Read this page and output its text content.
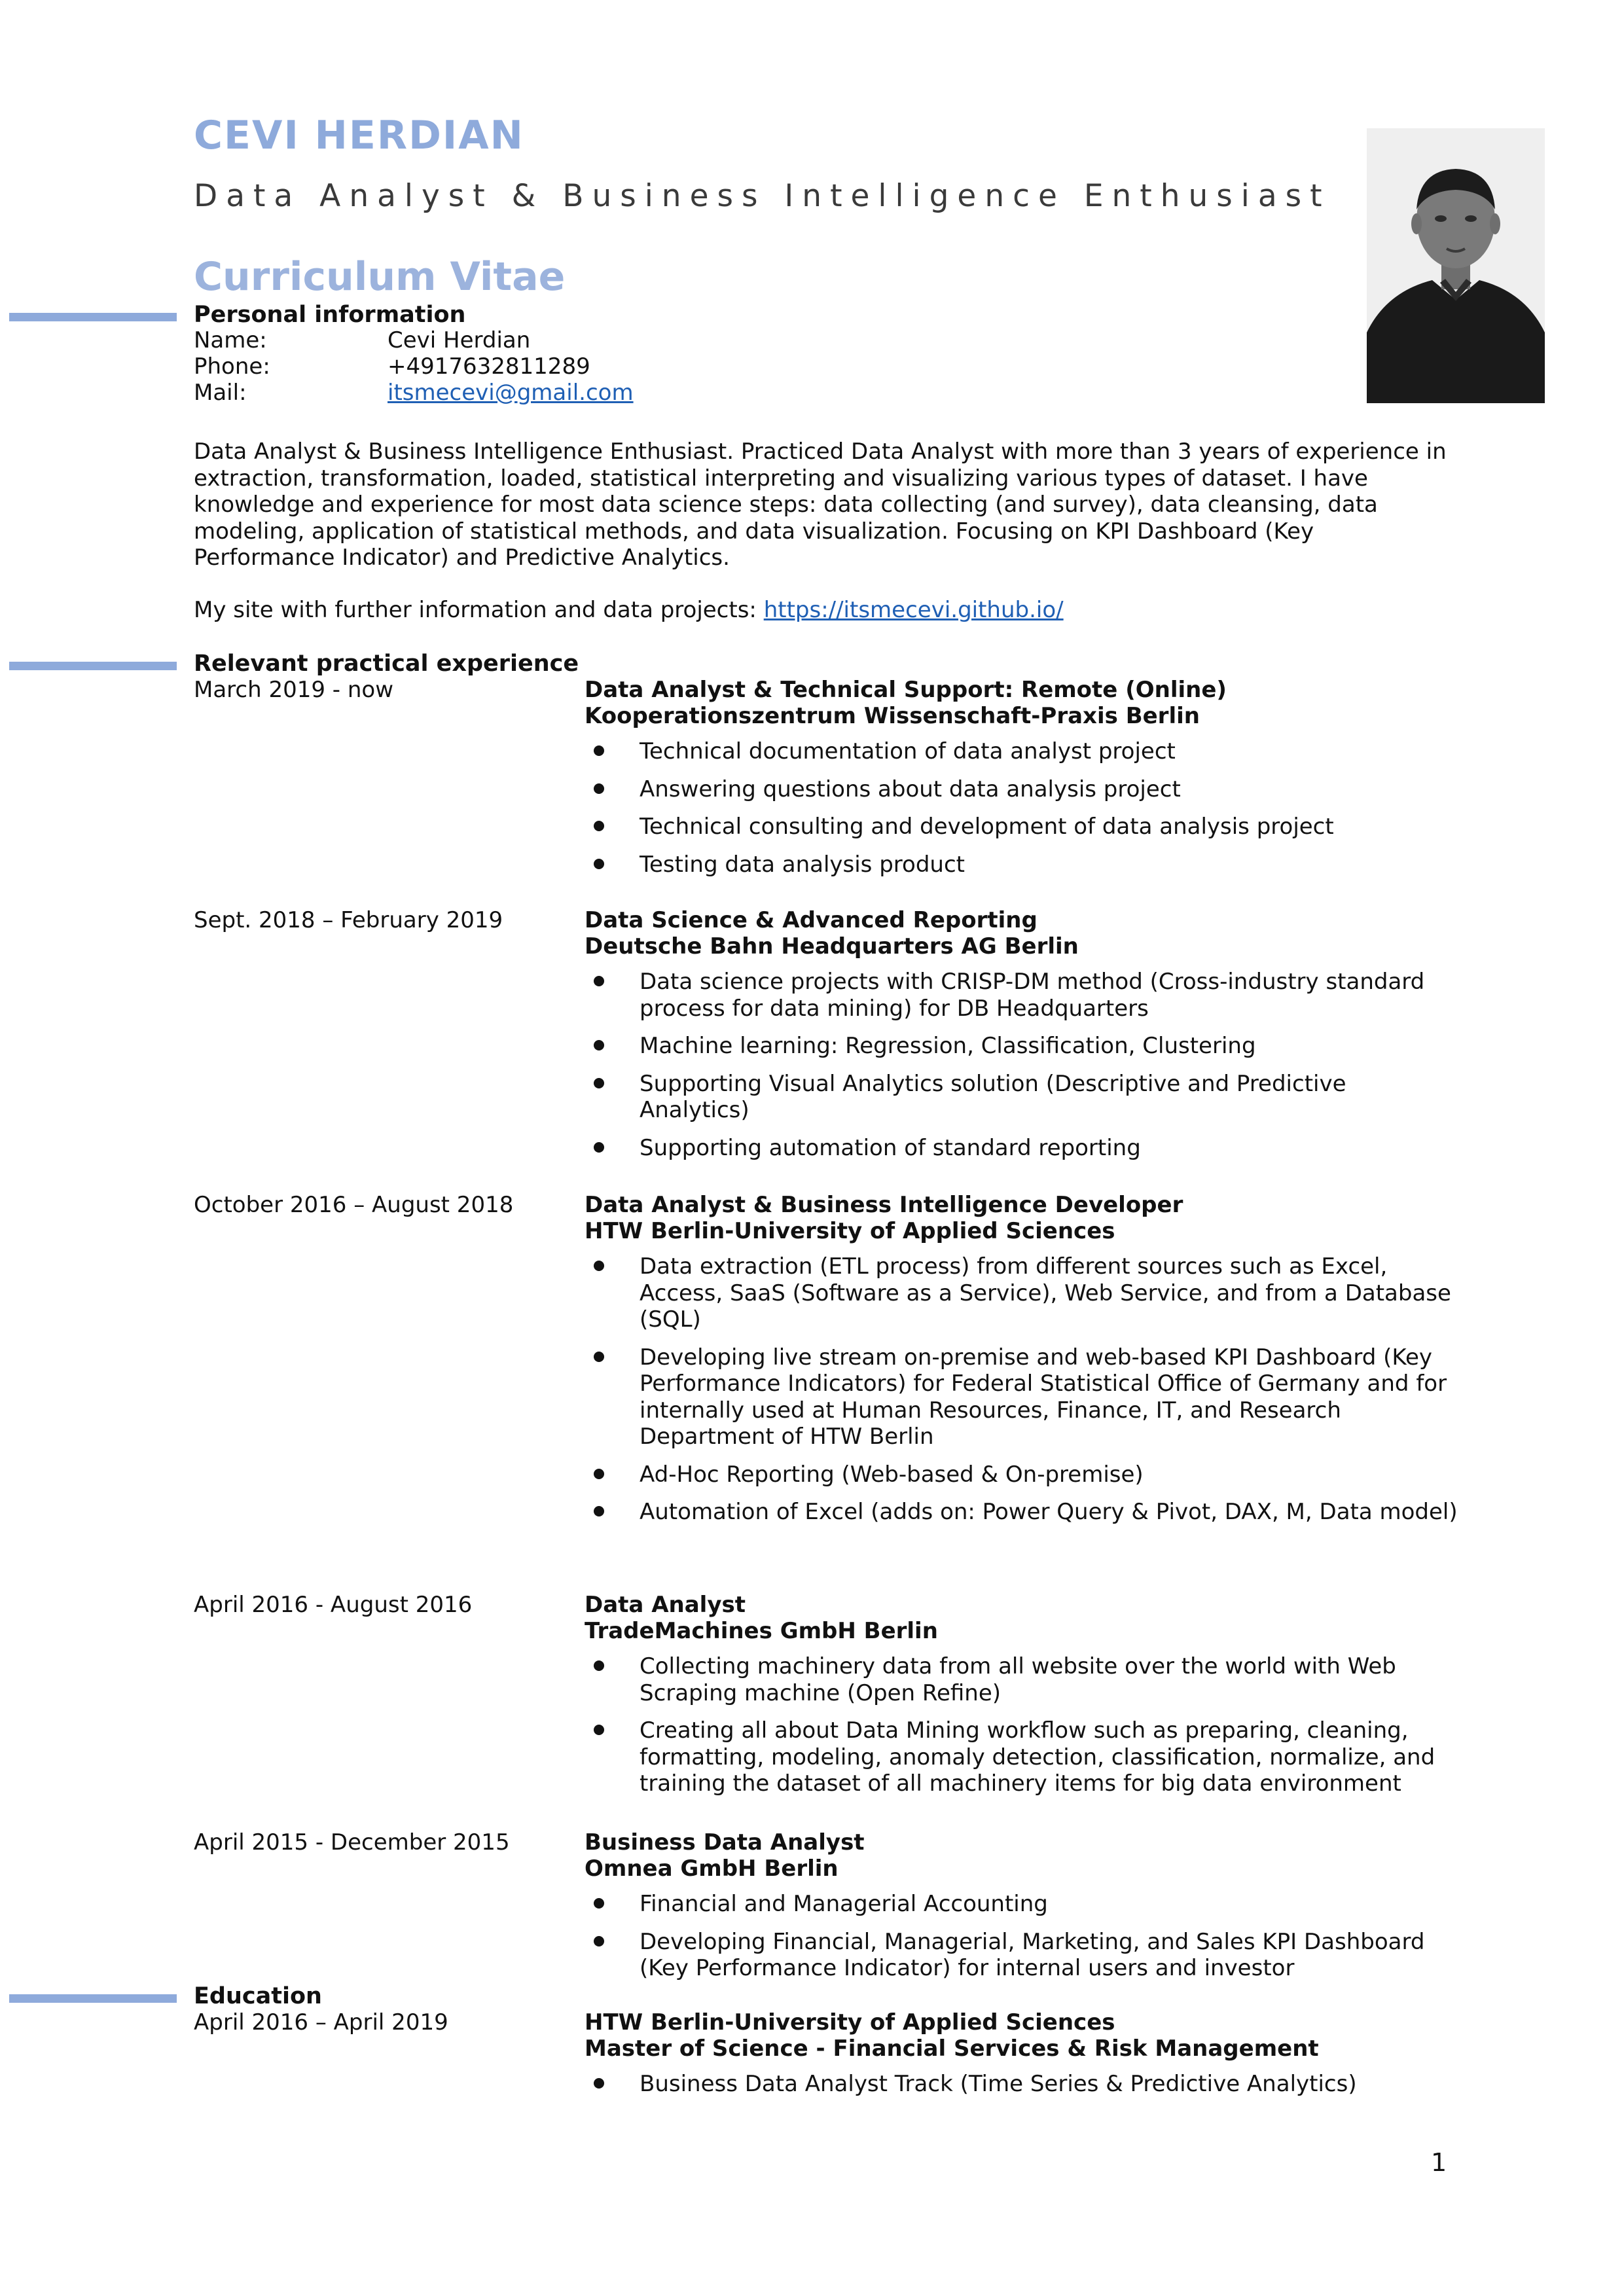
CEVI HERDIAN
Data Analyst & Business Intelligence Enthusiast
Curriculum Vitae
Personal information
Name:	Cevi Herdian
Phone:	+4917632811289
Mail:	itsmecevi@gmail.com

Data Analyst & Business Intelligence Enthusiast. Practiced Data Analyst with more than 3 years of experience in extraction, transformation, loaded, statistical interpreting and visualizing various types of dataset. I have knowledge and experience for most data science steps: data collecting (and survey), data cleansing, data modeling, application of statistical methods, and data visualization. Focusing on KPI Dashboard (Key Performance Indicator) and Predictive Analytics.

My site with further information and data projects: https://itsmecevi.github.io/

Relevant practical experience
March 2019 - now	Data Analyst & Technical Support: Remote (Online)
Kooperationszentrum Wissenschaft-Praxis Berlin
Technical documentation of data analyst project
Answering questions about data analysis project
Technical consulting and development of data analysis project
Testing data analysis product
Sept. 2018 – February 2019	Data Science & Advanced Reporting
Deutsche Bahn Headquarters AG Berlin
Data science projects with CRISP-DM method (Cross-industry standard process for data mining) for DB Headquarters
Machine learning: Regression, Classification, Clustering
Supporting Visual Analytics solution (Descriptive and Predictive Analytics)
Supporting automation of standard reporting
October 2016 – August 2018	Data Analyst & Business Intelligence Developer
HTW Berlin-University of Applied Sciences
Data extraction (ETL process) from different sources such as Excel, Access, SaaS (Software as a Service), Web Service, and from a Database (SQL)
Developing live stream on-premise and web-based KPI Dashboard (Key Performance Indicators) for Federal Statistical Office of Germany and for internally used at Human Resources, Finance, IT, and Research Department of HTW Berlin
Ad-Hoc Reporting (Web-based & On-premise)
Automation of Excel (adds on: Power Query & Pivot, DAX, M, Data model)
April 2016 - August 2016	Data Analyst
TradeMachines GmbH Berlin
Collecting machinery data from all website over the world with Web Scraping machine (Open Refine)
Creating all about Data Mining workflow such as preparing, cleaning, formatting, modeling, anomaly detection, classification, normalize, and training the dataset of all machinery items for big data environment
April 2015 - December 2015	Business Data Analyst
Omnea GmbH Berlin
Financial and Managerial Accounting
Developing Financial, Managerial, Marketing, and Sales KPI Dashboard (Key Performance Indicator) for internal users and investor
Education
April 2016 – April 2019	HTW Berlin-University of Applied Sciences
Master of Science - Financial Services & Risk Management
Business Data Analyst Track (Time Series & Predictive Analytics)
1
